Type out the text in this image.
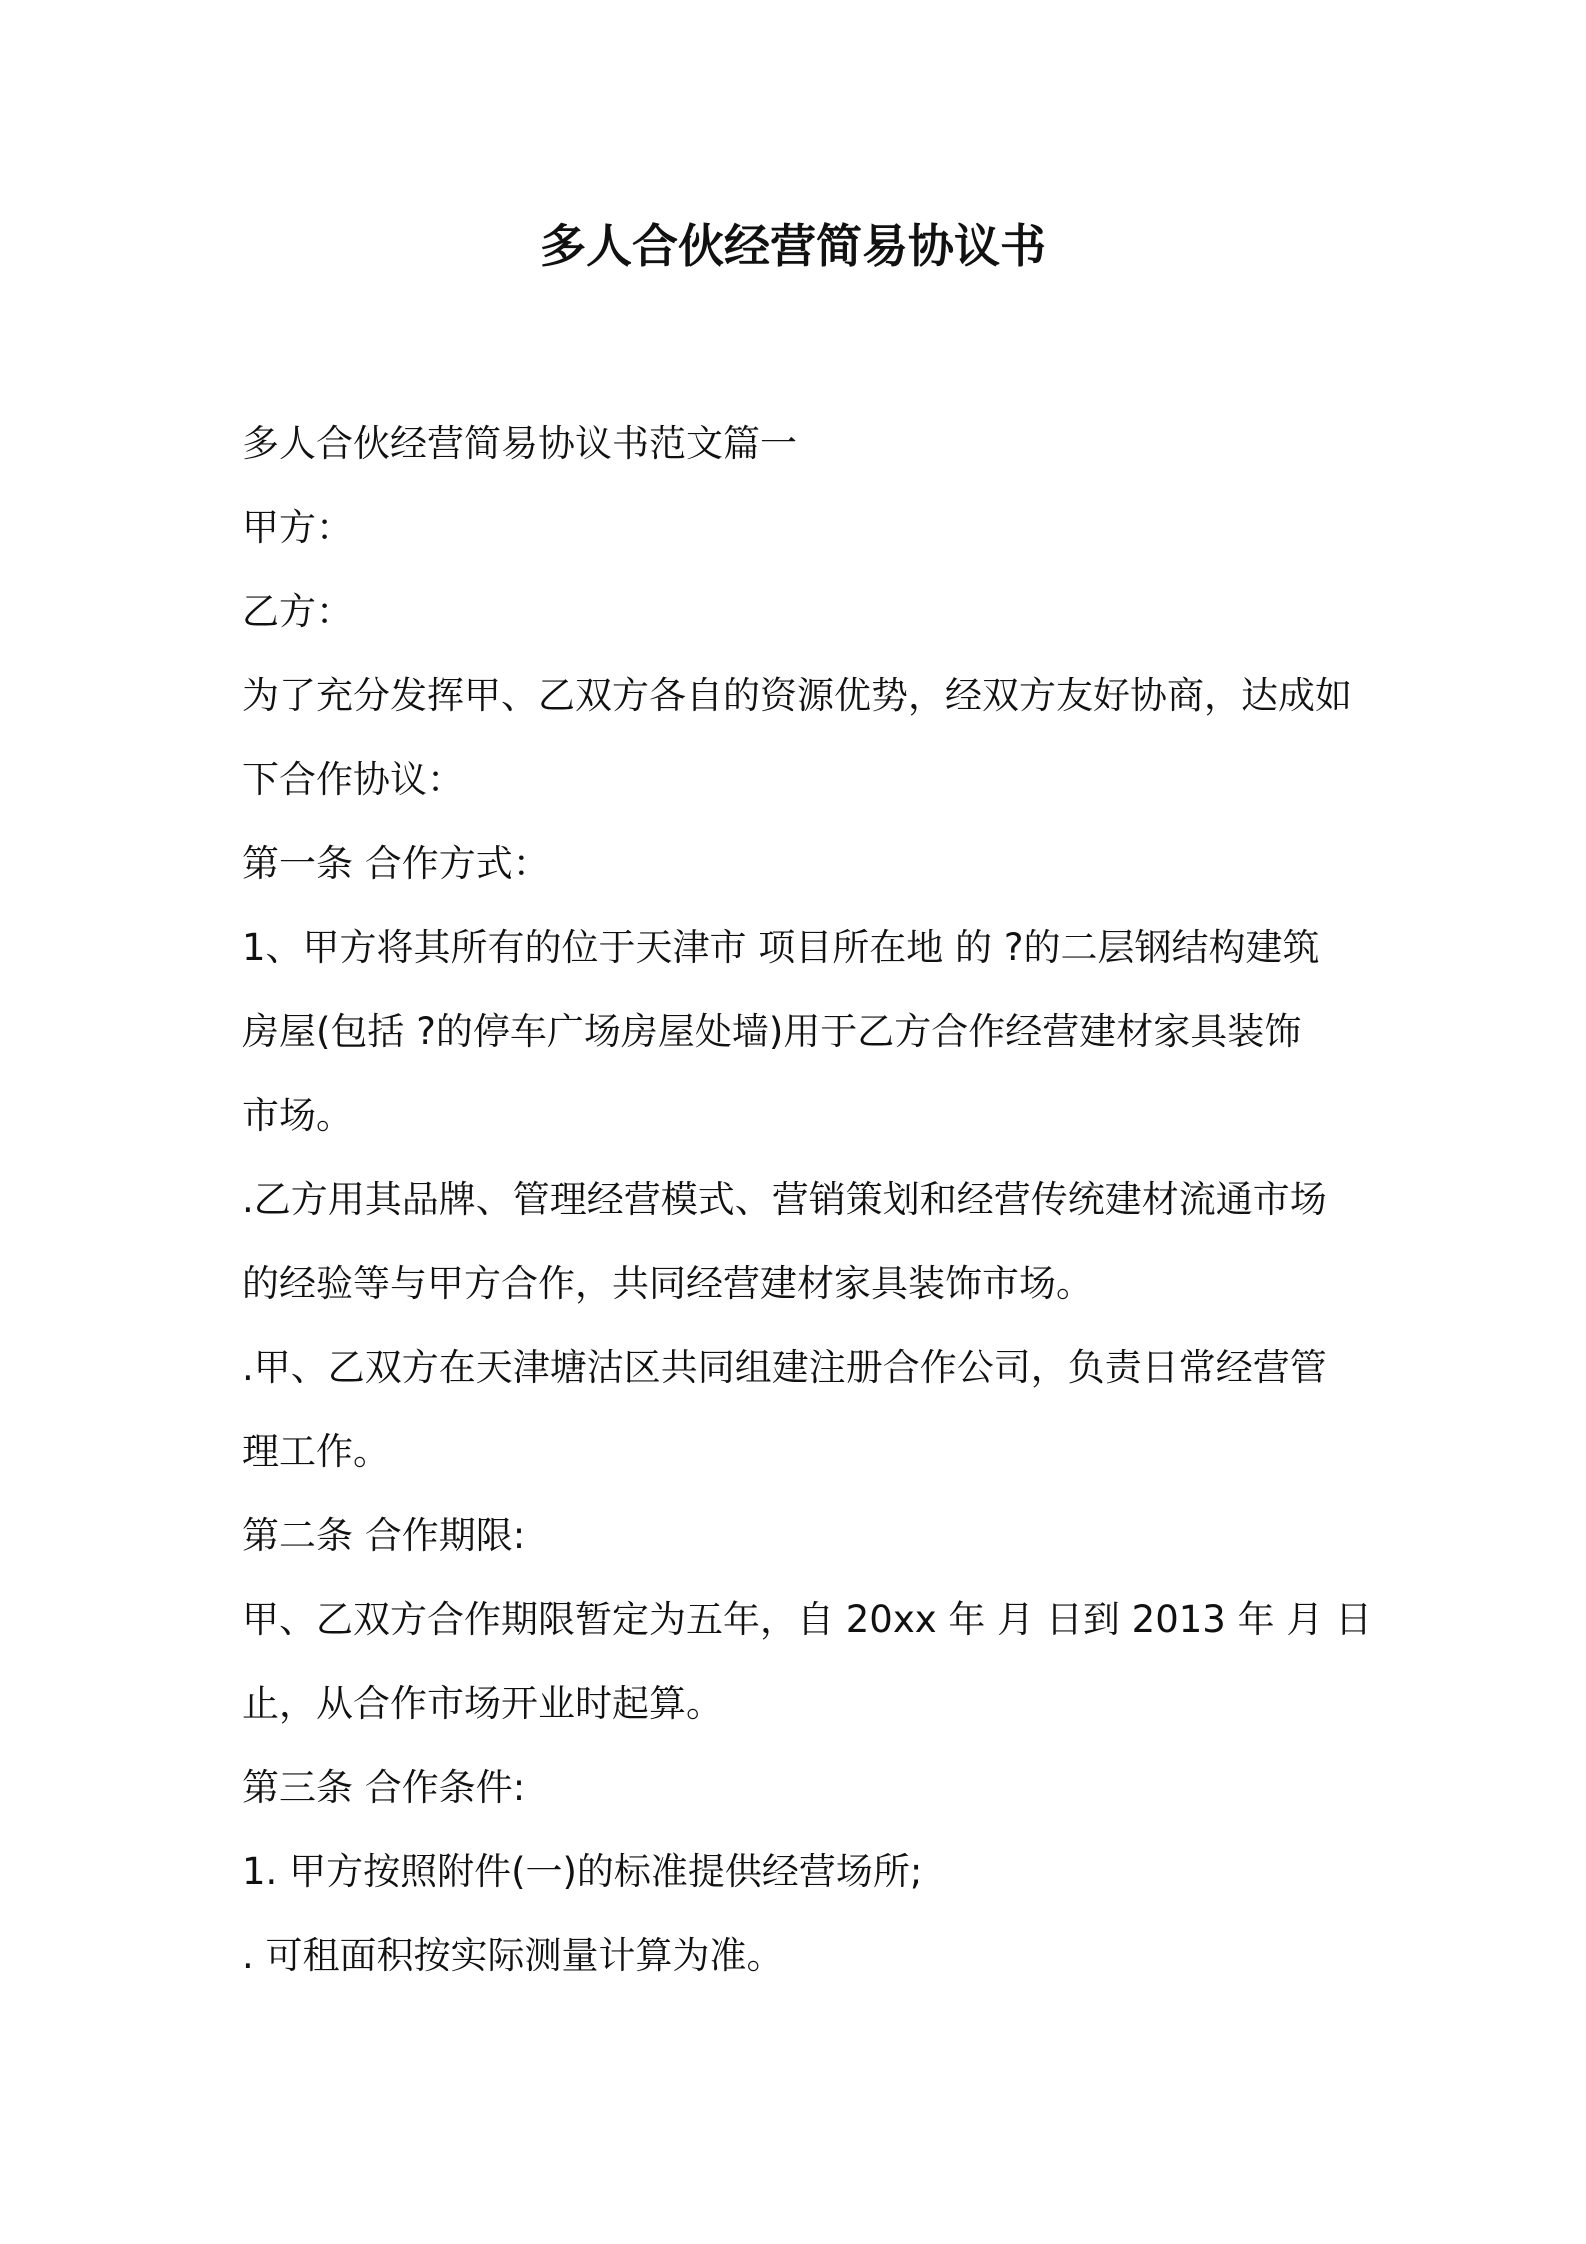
多人合伙经营简易协议书

多人合伙经营简易协议书范文篇一

甲方：

乙方：

为了充分发挥甲、乙双方各自的资源优势，经双方友好协商，达成如

下合作协议：

第一条 合作方式：

1、甲方将其所有的位于天津市 项目所在地 的 ?的二层钢结构建筑

房屋(包括 ?的停车广场房屋处墙)用于乙方合作经营建材家具装饰

市场。

.乙方用其品牌、管理经营模式、营销策划和经营传统建材流通市场

的经验等与甲方合作，共同经营建材家具装饰市场。

.甲、乙双方在天津塘沽区共同组建注册合作公司，负责日常经营管

理工作。

第二条 合作期限:

甲、乙双方合作期限暂定为五年，自 20xx 年 月 日到 2013 年 月 日

止，从合作市场开业时起算。

第三条 合作条件:

1. 甲方按照附件(一)的标准提供经营场所;

. 可租面积按实际测量计算为准。
